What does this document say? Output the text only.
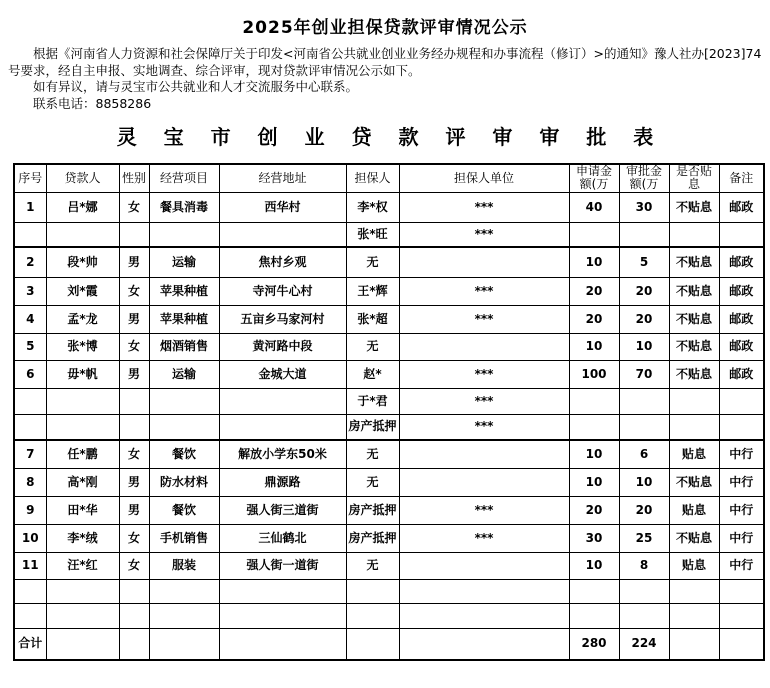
2025年创业担保贷款评审情况公示

根据《河南省人力资源和社会保障厅关于印发<河南省公共就业创业业务经办规程和办事流程（修订）>的通知》豫人社办[2023]74号要求，经自主申报、实地调查、综合评审，现对贷款评审情况公示如下。

如有异议，请与灵宝市公共就业和人才交流服务中心联系。

联系电话：8858286

灵 宝 市 创 业 贷 款 评 审 审 批 表
序号	贷款人	性别	经营项目	经营地址	担保人	担保人单位	申请金额(万	审批金额(万	是否贴息	备注
1	吕*娜	女	餐具消毒	西华村	李*权	***	40	30	不贴息	邮政
					张*旺	***				
2	段*帅	男	运输	焦村乡观	无		10	5	不贴息	邮政
3	刘*霞	女	苹果种植	寺河牛心村	王*辉	***	20	20	不贴息	邮政
4	孟*龙	男	苹果种植	五亩乡马家河村	张*超	***	20	20	不贴息	邮政
5	张*博	女	烟酒销售	黄河路中段	无		10	10	不贴息	邮政
6	毋*帆	男	运输	金城大道	赵*	***	100	70	不贴息	邮政
					于*君	***				
					房产抵押	***				
7	任*鹏	女	餐饮	解放小学东50米	无		10	6	贴息	中行
8	高*刚	男	防水材料	鼎源路	无		10	10	不贴息	中行
9	田*华	男	餐饮	强人街三道街	房产抵押	***	20	20	贴息	中行
10	李*绒	女	手机销售	三仙鹤北	房产抵押	***	30	25	不贴息	中行
11	汪*红	女	服装	强人街一道街	无		10	8	贴息	中行

合计							280	224		
